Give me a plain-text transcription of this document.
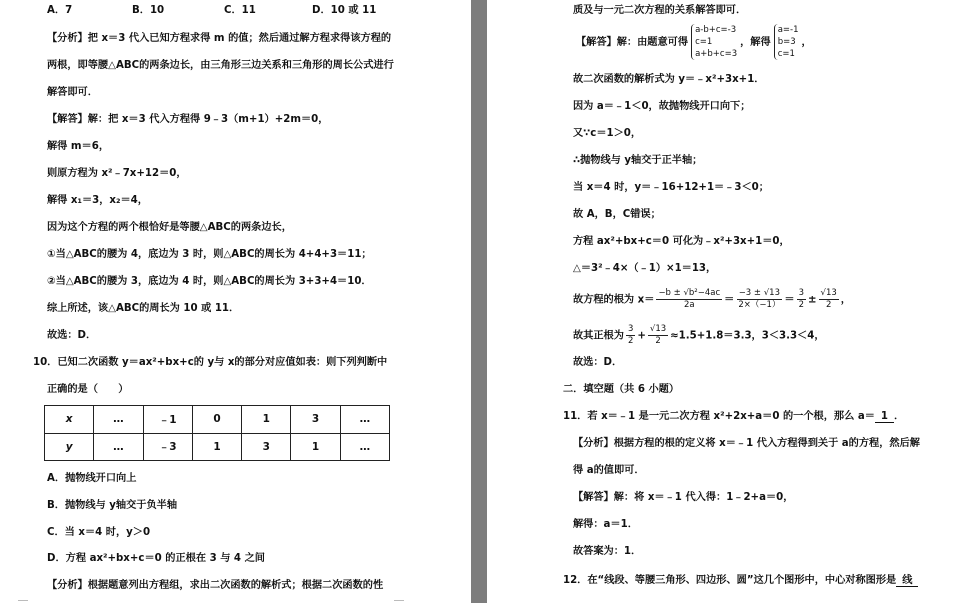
A．7	B．10	C．11	D．10 或 11
【分析】把 x＝3 代入已知方程求得 m 的值；然后通过解方程求得该方程的
两根，即等腰△ABC的两条边长，由三角形三边关系和三角形的周长公式进行
解答即可．
【解答】解：把 x＝3 代入方程得 9﹣3（m+1）+2m＝0，
解得 m＝6，
则原方程为 x²﹣7x+12＝0，
解得 x₁＝3，x₂＝4，
因为这个方程的两个根恰好是等腰△ABC的两条边长，
①当△ABC的腰为 4，底边为 3 时，则△ABC的周长为 4+4+3＝11；
②当△ABC的腰为 3，底边为 4 时，则△ABC的周长为 3+3+4＝10．
综上所述，该△ABC的周长为 10 或 11．
故选：D．
10．已知二次函数 y＝ax²+bx+c的 y与 x的部分对应值如表：则下列判断中
正确的是（　　）
x	…	﹣1	0	1	3	…
y	…	﹣3	1	3	1	…
A．抛物线开口向上
B．抛物线与 y轴交于负半轴
C．当 x＝4 时，y＞0
D．方程 ax²+bx+c＝0 的正根在 3 与 4 之间
【分析】根据题意列出方程组，求出二次函数的解析式；根据二次函数的性
质及与一元二次方程的关系解答即可．
【解答】解：由题意可得
a-b+c=-3
c=1
a+b+c=3
，解得
a=-1
b=3
c=1
，
故二次函数的解析式为 y＝﹣x²+3x+1．
因为 a＝﹣1＜0，故抛物线开口向下；
又∵c＝1＞0，
∴抛物线与 y轴交于正半轴；
当 x＝4 时，y＝﹣16+12+1＝﹣3＜0；
故 A，B，C错误；
方程 ax²+bx+c＝0 可化为﹣x²+3x+1＝0，
△＝3²﹣4×（﹣1）×1＝13，
故方程的根为 $x= \frac{\text{−b ± √b²−4ac}}{2a} = \frac{-3 \pm √13}{2\times(-1)} = \frac{3}{2} \pm \frac{√13}{2}$ ，
故其正根为 $\frac{3}{2} + \frac{√13}{2} \approx 1.5+1.8=3.3$，3＜3.3＜4，
故选：D．
二．填空题（共 6 小题）
11．若 x＝﹣1 是一元二次方程 x²+2x+a＝0 的一个根，那么 a＝ 1 ．
【分析】根据方程的根的定义将 x＝﹣1 代入方程得到关于 a的方程，然后解
得 a的值即可．
【解答】解：将 x＝﹣1 代入得：1﹣2+a＝0，
解得：a＝1．
故答案为：1．
12．在“线段、等腰三角形、四边形、圆”这几个图形中，中心对称图形是 线
